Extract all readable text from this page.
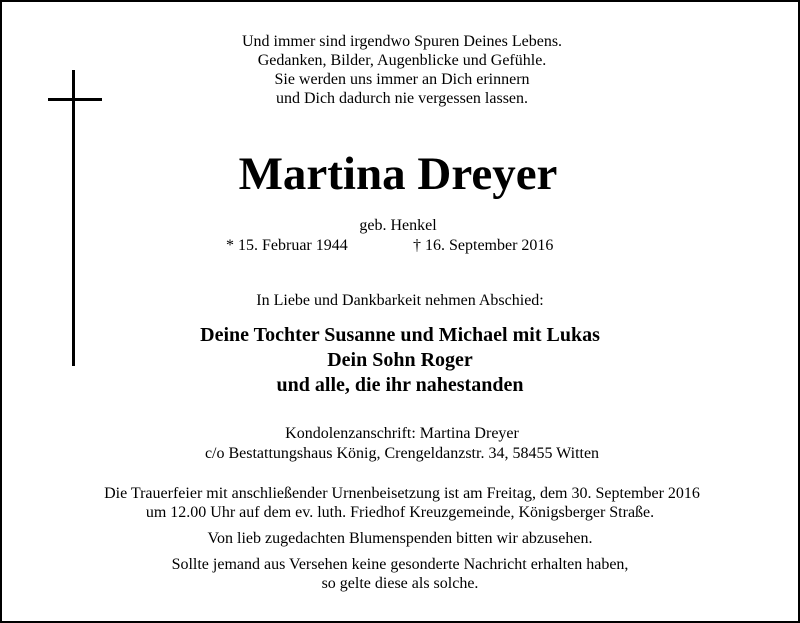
Und immer sind irgendwo Spuren Deines Lebens.
Gedanken, Bilder, Augenblicke und Gefühle.
Sie werden uns immer an Dich erinnern
und Dich dadurch nie vergessen lassen.
Martina Dreyer
geb. Henkel
* 15. Februar 1944	† 16. September 2016
In Liebe und Dankbarkeit nehmen Abschied:
Deine Tochter Susanne und Michael mit Lukas
Dein Sohn Roger
und alle, die ihr nahestanden
Kondolenzanschrift: Martina Dreyer
c/o Bestattungshaus König, Crengeldanzstr. 34, 58455 Witten
Die Trauerfeier mit anschließender Urnenbeisetzung ist am Freitag, dem 30. September 2016
um 12.00 Uhr auf dem ev. luth. Friedhof Kreuzgemeinde, Königsberger Straße.
Von lieb zugedachten Blumenspenden bitten wir abzusehen.
Sollte jemand aus Versehen keine gesonderte Nachricht erhalten haben,
so gelte diese als solche.
